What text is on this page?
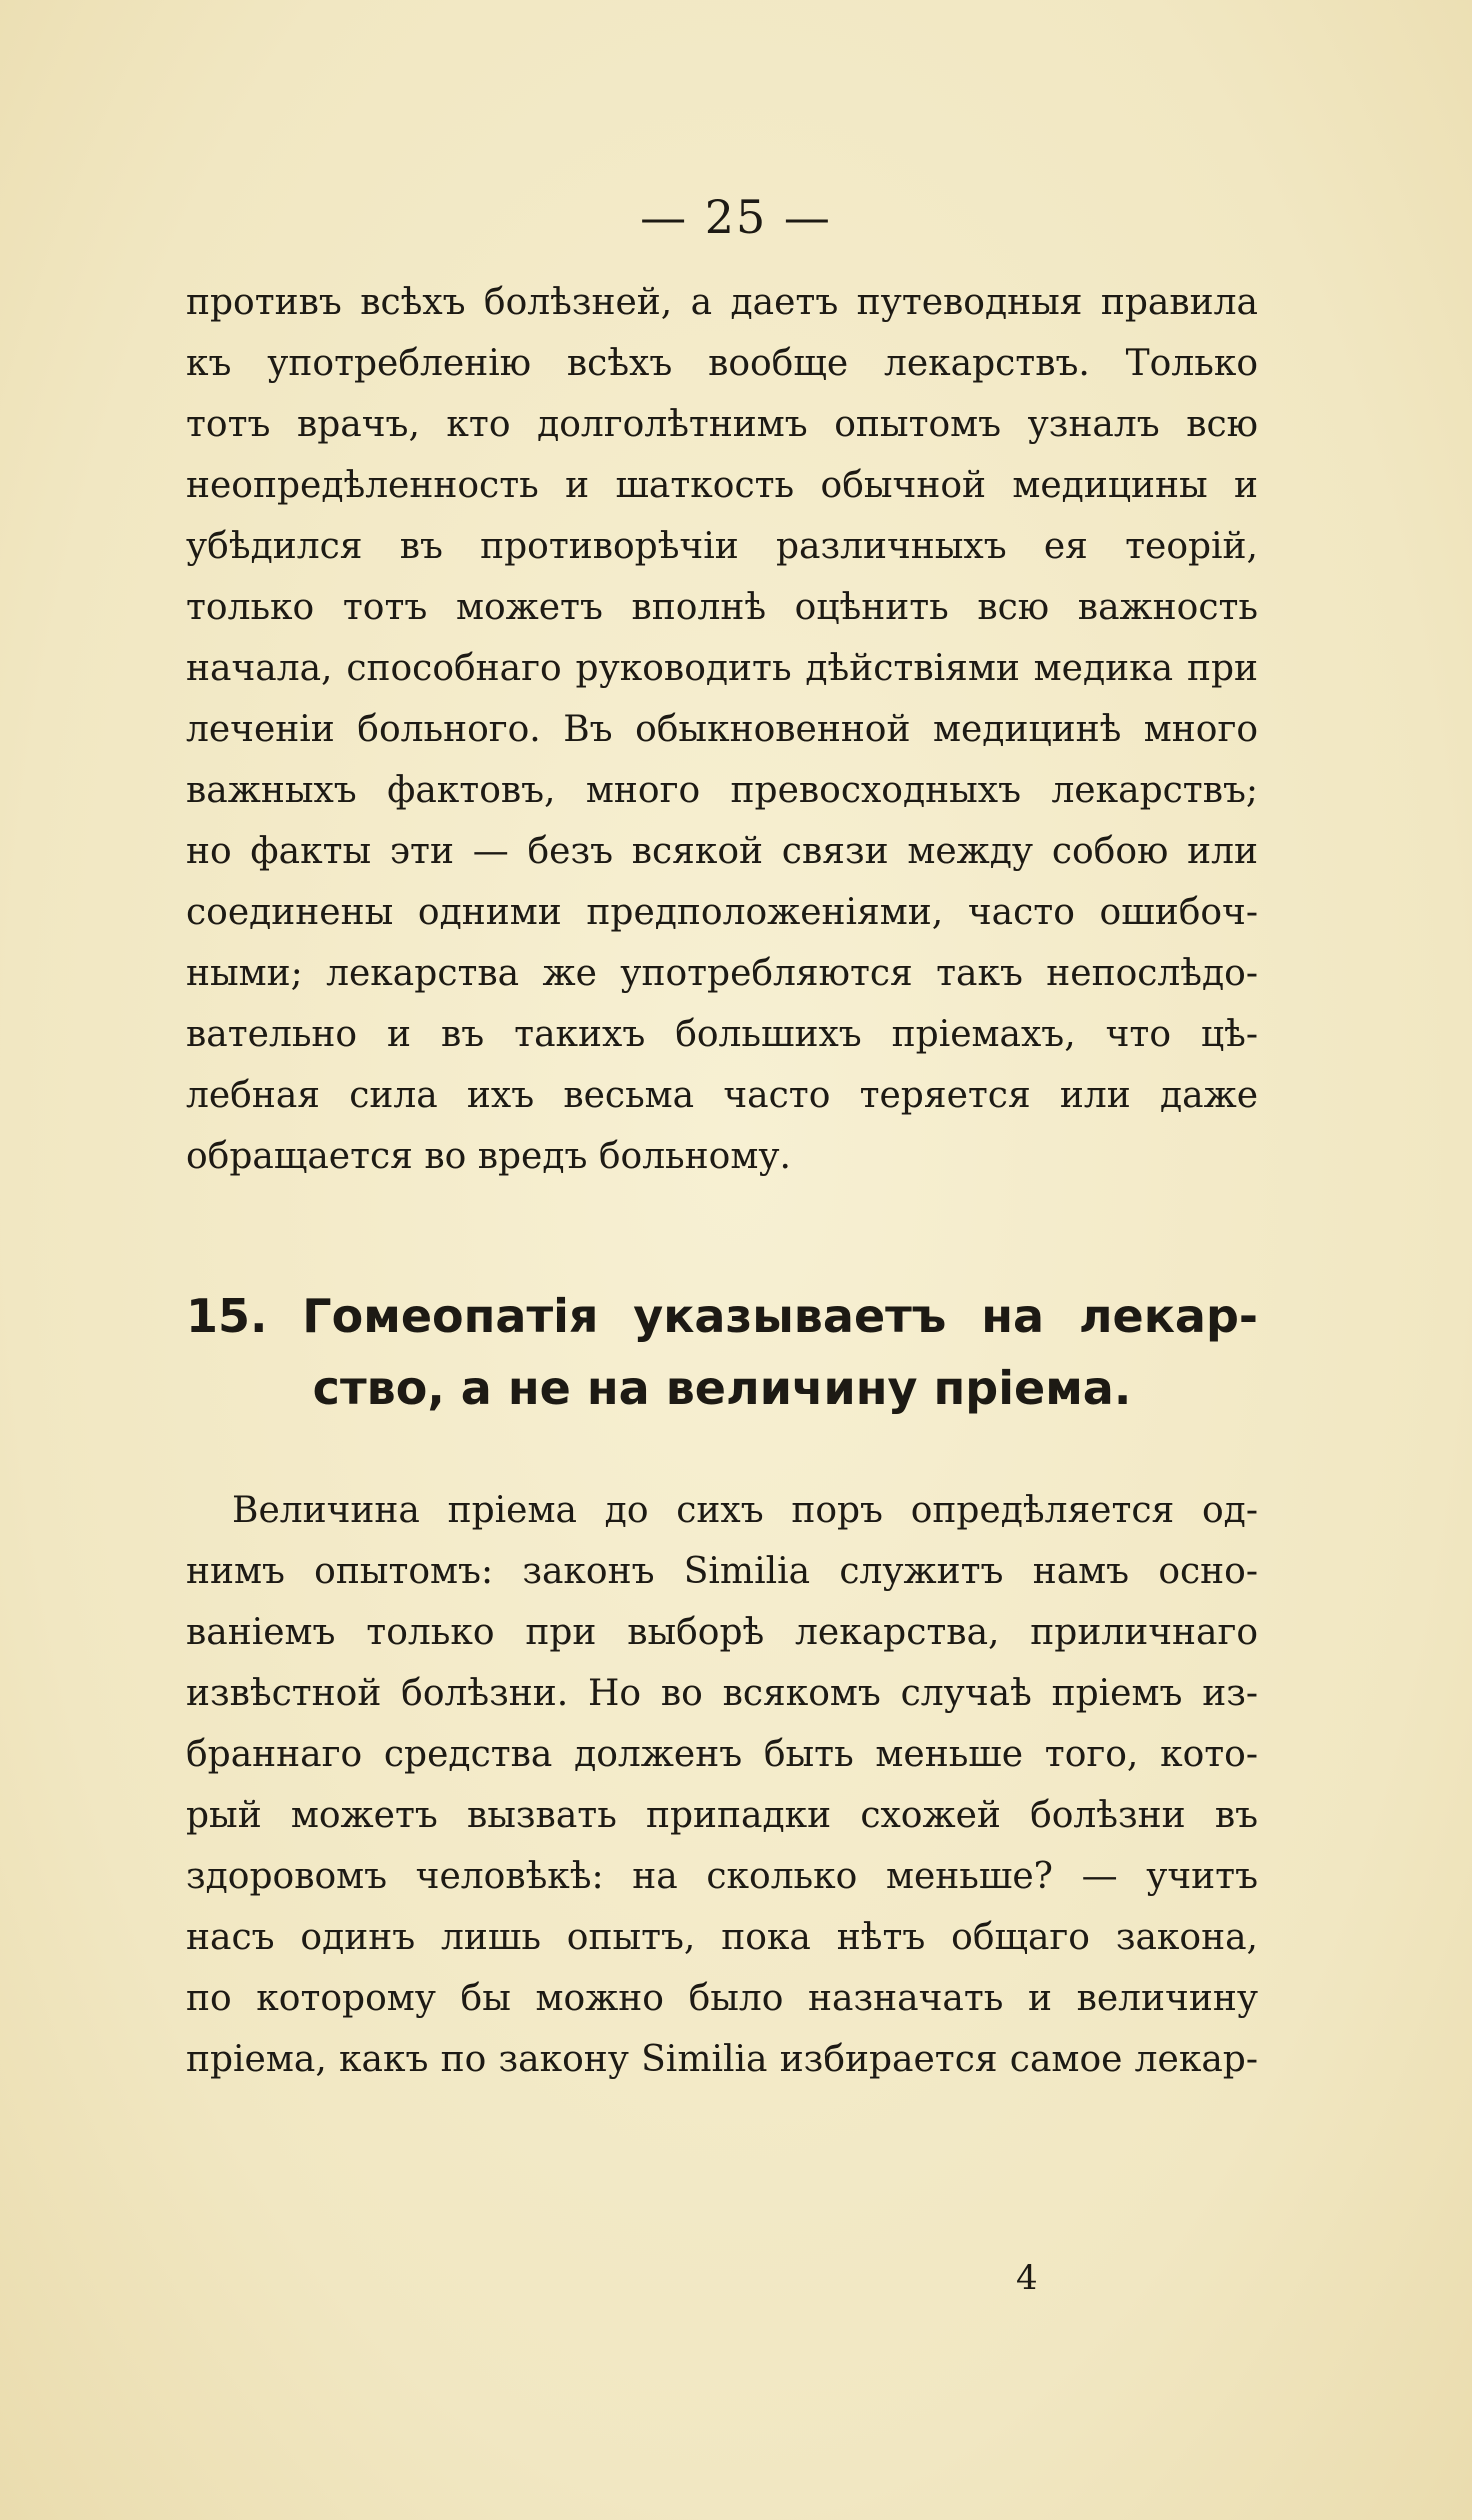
— 25 —
противъ всѣхъ болѣзней, а даетъ путеводныя правила
къ употребленію всѣхъ вообще лекарствъ. Только
тотъ врачъ, кто долголѣтнимъ опытомъ узналъ всю
неопредѣленность и шаткость обычной медицины и
убѣдился въ противорѣчіи различныхъ ея теорій,
только тотъ можетъ вполнѣ оцѣнить всю важность
начала, способнаго руководить дѣйствіями медика при
леченіи больного. Въ обыкновенной медицинѣ много
важныхъ фактовъ, много превосходныхъ лекарствъ;
но факты эти — безъ всякой связи между собою или
соединены одними предположеніями, часто ошибоч-
ными; лекарства же употребляются такъ непослѣдо-
вательно и въ такихъ большихъ пріемахъ, что цѣ-
лебная сила ихъ весьма часто теряется или даже
обращается во вредъ больному.
15. Гомеопатія указываетъ на лекар-
ство, а не на величину пріема.
Величина пріема до сихъ поръ опредѣляется од-
нимъ опытомъ: законъ Similia служитъ намъ осно-
ваніемъ только при выборѣ лекарства, приличнаго
извѣстной болѣзни. Но во всякомъ случаѣ пріемъ из-
браннаго средства долженъ быть меньше того, кото-
рый можетъ вызвать припадки схожей болѣзни въ
здоровомъ человѣкѣ: на сколько меньше? — учитъ
насъ одинъ лишь опытъ, пока нѣтъ общаго закона,
по которому бы можно было назначать и величину
пріема, какъ по закону Similia избирается самое лекар-
4
